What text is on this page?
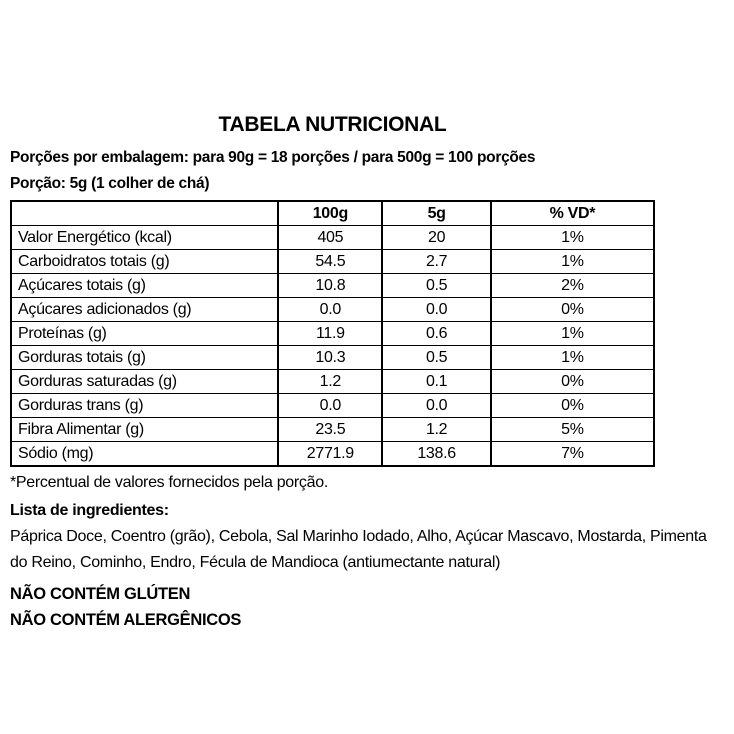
TABELA NUTRICIONAL

Porções por embalagem: para 90g = 18 porções / para 500g = 100 porções

Porção: 5g (1 colher de chá)

	100g	5g	% VD*
Valor Energético (kcal)	405	20	1%
Carboidratos totais (g)	54.5	2.7	1%
Açúcares totais (g)	10.8	0.5	2%
Açúcares adicionados (g)	0.0	0.0	0%
Proteínas (g)	11.9	0.6	1%
Gorduras totais (g)	10.3	0.5	1%
Gorduras saturadas (g)	1.2	0.1	0%
Gorduras trans (g)	0.0	0.0	0%
Fibra Alimentar (g)	23.5	1.2	5%
Sódio (mg)	2771.9	138.6	7%

*Percentual de valores fornecidos pela porção.

Lista de ingredientes:

Páprica Doce, Coentro (grão), Cebola, Sal Marinho Iodado, Alho, Açúcar Mascavo, Mostarda, Pimenta do Reino, Cominho, Endro, Fécula de Mandioca (antiumectante natural)

NÃO CONTÉM GLÚTEN

NÃO CONTÉM ALERGÊNICOS
